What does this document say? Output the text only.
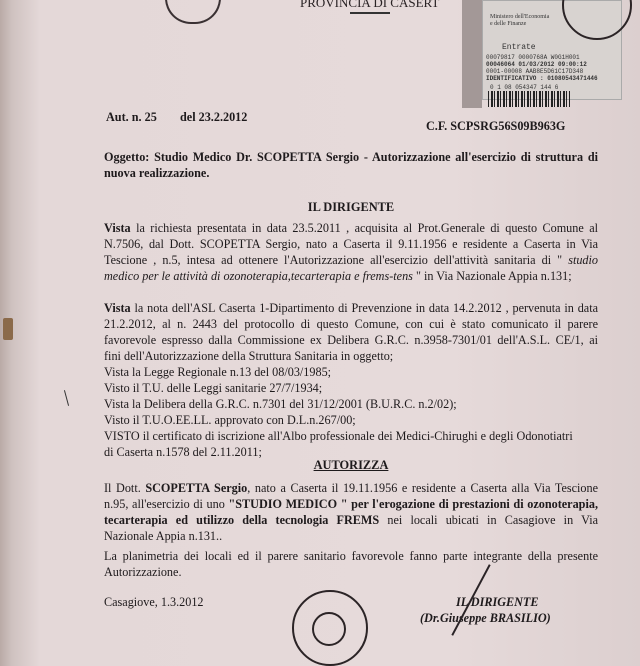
PROVINCIA DI CASERT
Ministero dell'Economia e delle Finanze
Entrate
00079817 0000768A W0G1H001
00046064 01/03/2012 09:00:12
0001-00008 AAB8E5D61C17D348
IDENTIFICATIVO : 01080543471446
0 1 08 054347 144 6
Aut. n. 25 del 23.2.2012
C.F. SCPSRG56S09B963G
Oggetto: Studio Medico Dr. SCOPETTA Sergio - Autorizzazione all'esercizio di struttura di
nuova realizzazione.
IL DIRIGENTE
Vista la richiesta presentata in data 23.5.2011 , acquisita al Prot.Generale di questo Comune al
N.7506, dal Dott. SCOPETTA Sergio, nato a Caserta il 9.11.1956 e residente a Caserta in Via
Tescione , n.5, intesa ad ottenere l'Autorizzazione all'esercizio dell'attività sanitaria di " studio
medico per le attività di ozonoterapia,tecarterapia e frems-tens " in Via Nazionale Appia n.131;
Vista la nota dell'ASL Caserta 1-Dipartimento di Prevenzione in data 14.2.2012 , pervenuta in data
21.2.2012, al n. 2443 del protocollo di questo Comune, con cui è stato comunicato il parere
favorevole espresso dalla Commissione ex Delibera G.R.C. n.3958-7301/01 dell'A.S.L. CE/1, ai
fini dell'Autorizzazione della Struttura Sanitaria in oggetto;
Vista la Legge Regionale n.13 del 08/03/1985;
Visto il T.U. delle Leggi sanitarie 27/7/1934;
Vista la Delibera della G.R.C. n.7301 del 31/12/2001 (B.U.R.C. n.2/02);
Visto il T.U.O.EE.LL. approvato con D.L.n.267/00;
VISTO il certificato di iscrizione all'Albo professionale dei Medici-Chirughi e degli Odonotiatri
di Caserta n.1578 del 2.11.2011;
AUTORIZZA
Il Dott. SCOPETTA Sergio, nato a Caserta il 19.11.1956 e residente a Caserta alla Via Tescione
n.95, all'esercizio di uno "STUDIO MEDICO " per l'erogazione di prestazioni di ozonoterapia,
tecarterapia ed utilizzo della tecnologia FREMS nei locali ubicati in Casagiove in Via
Nazionale Appia n.131..
La planimetria dei locali ed il parere sanitario favorevole fanno parte integrante della presente
Autorizzazione.
Casagiove, 1.3.2012	IL DIRIGENTE
(Dr.Giuseppe BRASILIO)
